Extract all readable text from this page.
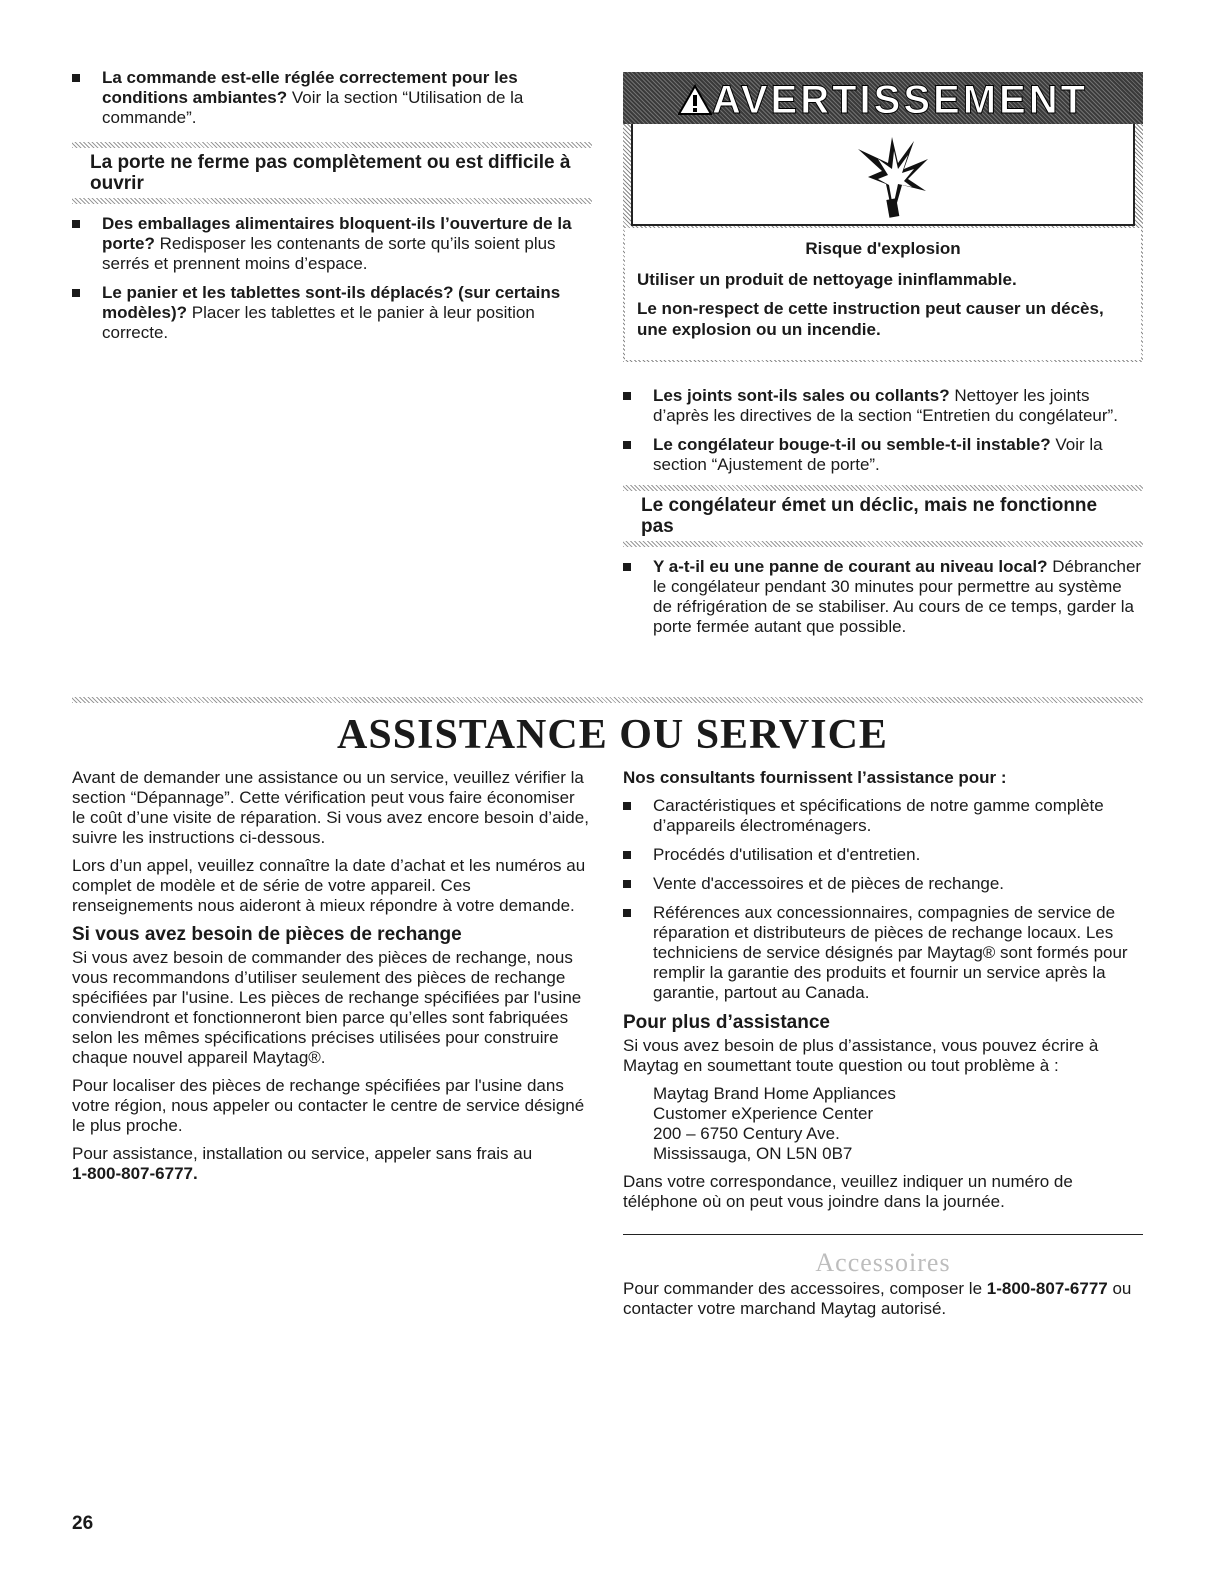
La commande est-elle réglée correctement pour les conditions ambiantes? Voir la section “Utilisation de la commande”.
La porte ne ferme pas complètement ou est difficile à ouvrir
Des emballages alimentaires bloquent-ils l’ouverture de la porte? Redisposer les contenants de sorte qu’ils soient plus serrés et prennent moins d’espace.
Le panier et les tablettes sont-ils déplacés? (sur certains modèles)? Placer les tablettes et le panier à leur position correcte.
AVERTISSEMENT
Risque d'explosion
Utiliser un produit de nettoyage ininflammable.
Le non-respect de cette instruction peut causer un décès, une explosion ou un incendie.
Les joints sont-ils sales ou collants? Nettoyer les joints d’après les directives de la section “Entretien du congélateur”.
Le congélateur bouge-t-il ou semble-t-il instable? Voir la section “Ajustement de porte”.
Le congélateur émet un déclic, mais ne fonctionne pas
Y a-t-il eu une panne de courant au niveau local? Débrancher le congélateur pendant 30 minutes pour permettre au système de réfrigération de se stabiliser. Au cours de ce temps, garder la porte fermée autant que possible.
ASSISTANCE OU SERVICE

Avant de demander une assistance ou un service, veuillez vérifier la section “Dépannage”. Cette vérification peut vous faire économiser le coût d’une visite de réparation. Si vous avez encore besoin d’aide, suivre les instructions ci-dessous.

Lors d’un appel, veuillez connaître la date d’achat et les numéros au complet de modèle et de série de votre appareil. Ces renseignements nous aideront à mieux répondre à votre demande.

Si vous avez besoin de pièces de rechange

Si vous avez besoin de commander des pièces de rechange, nous vous recommandons d’utiliser seulement des pièces de rechange spécifiées par l'usine. Les pièces de rechange spécifiées par l'usine conviendront et fonctionneront bien parce qu’elles sont fabriquées selon les mêmes spécifications précises utilisées pour construire chaque nouvel appareil Maytag®.

Pour localiser des pièces de rechange spécifiées par l'usine dans votre région, nous appeler ou contacter le centre de service désigné le plus proche.

Pour assistance, installation ou service, appeler sans frais au
1-800-807-6777.

Nos consultants fournissent l’assistance pour :
Caractéristiques et spécifications de notre gamme complète d’appareils électroménagers.
Procédés d'utilisation et d'entretien.
Vente d'accessoires et de pièces de rechange.
Références aux concessionnaires, compagnies de service de réparation et distributeurs de pièces de rechange locaux. Les techniciens de service désignés par Maytag® sont formés pour remplir la garantie des produits et fournir un service après la garantie, partout au Canada.
Pour plus d’assistance

Si vous avez besoin de plus d’assistance, vous pouvez écrire à Maytag en soumettant toute question ou tout problème à :

Maytag Brand Home Appliances
Customer eXperience Center
200 – 6750 Century Ave.
Mississauga, ON L5N 0B7

Dans votre correspondance, veuillez indiquer un numéro de téléphone où on peut vous joindre dans la journée.

Accessoires

Pour commander des accessoires, composer le 1-800-807-6777 ou contacter votre marchand Maytag autorisé.

26
